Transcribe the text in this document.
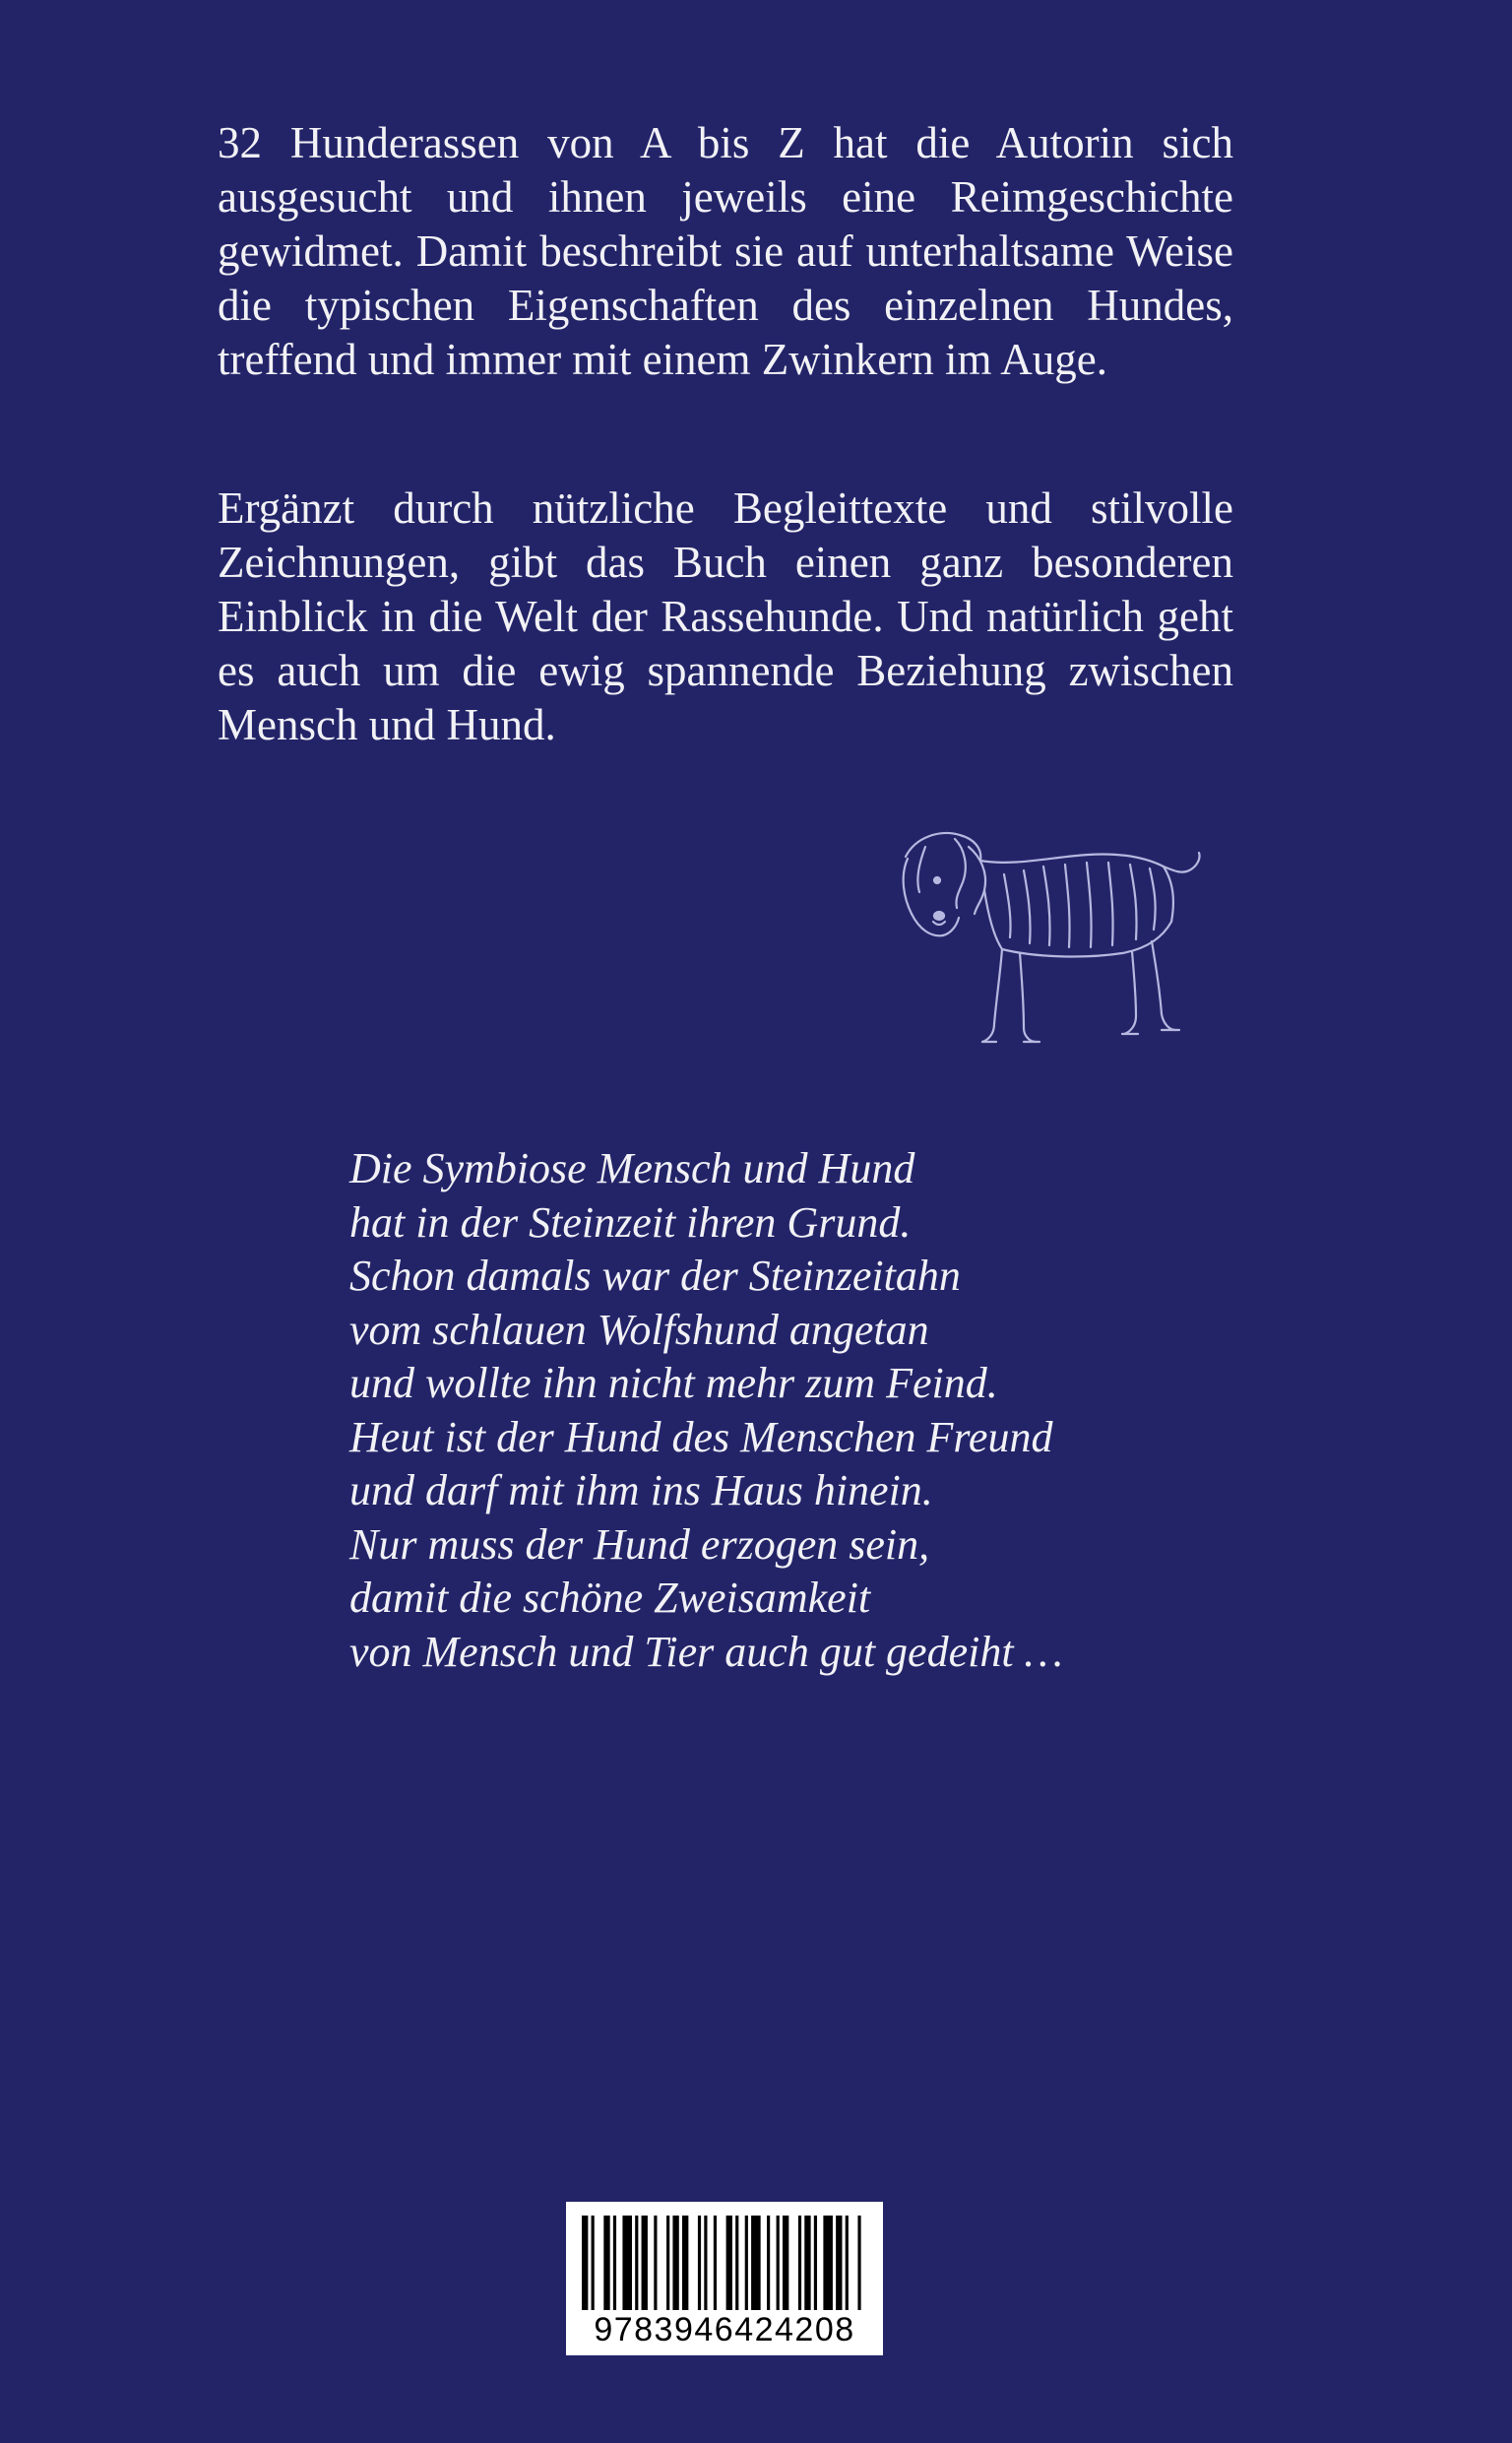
32 Hunderassen von A bis Z hat die Autorin sich ausgesucht und ihnen jeweils eine Reimgeschichte gewidmet. Damit beschreibt sie auf unterhaltsame Weise die typischen Eigenschaften des einzelnen Hundes, treffend und immer mit einem Zwinkern im Auge.

Ergänzt durch nützliche Begleittexte und stilvolle Zeichnungen, gibt das Buch einen ganz besonderen Einblick in die Welt der Rassehunde. Und natürlich geht es auch um die ewig spannende Beziehung zwischen Mensch und Hund.

Die Symbiose Mensch und Hund
hat in der Steinzeit ihren Grund.
Schon damals war der Steinzeitahn
vom schlauen Wolfshund angetan
und wollte ihn nicht mehr zum Feind.
Heut ist der Hund des Menschen Freund
und darf mit ihm ins Haus hinein.
Nur muss der Hund erzogen sein,
damit die schöne Zweisamkeit
von Mensch und Tier auch gut gedeiht …
9783946424208
